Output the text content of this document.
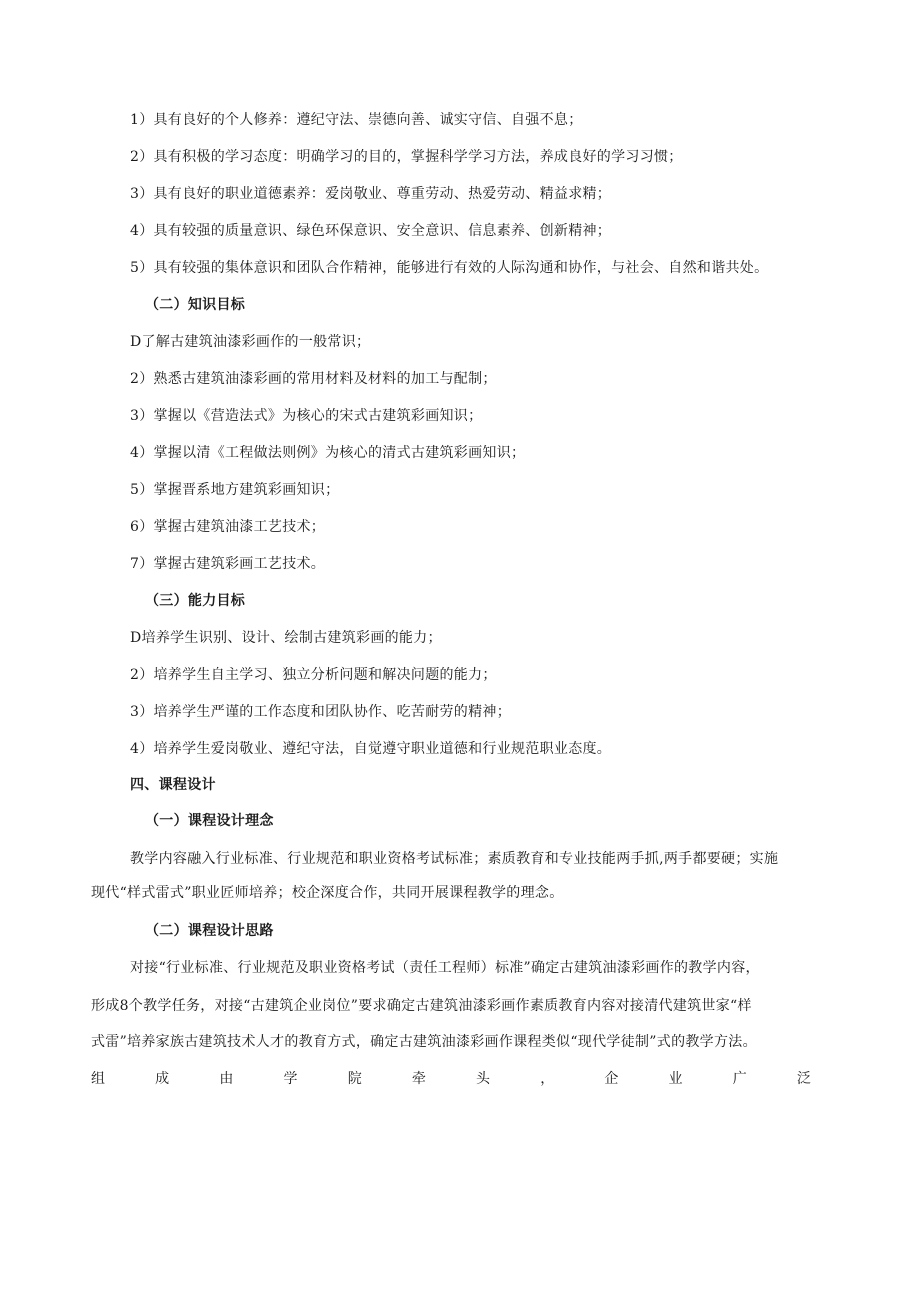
1）具有良好的个人修养：遵纪守法、崇德向善、诚实守信、自强不息；
2）具有积极的学习态度：明确学习的目的，掌握科学学习方法，养成良好的学习习惯；
3）具有良好的职业道德素养：爱岗敬业、尊重劳动、热爱劳动、精益求精；
4）具有较强的质量意识、绿色环保意识、安全意识、信息素养、创新精神；
5）具有较强的集体意识和团队合作精神，能够进行有效的人际沟通和协作，与社会、自然和谐共处。
（二）知识目标
D了解古建筑油漆彩画作的一般常识；
2）熟悉古建筑油漆彩画的常用材料及材料的加工与配制；
3）掌握以《营造法式》为核心的宋式古建筑彩画知识；
4）掌握以清《工程做法则例》为核心的清式古建筑彩画知识；
5）掌握晋系地方建筑彩画知识；
6）掌握古建筑油漆工艺技术；
7）掌握古建筑彩画工艺技术。
（三）能力目标
D培养学生识别、设计、绘制古建筑彩画的能力；
2）培养学生自主学习、独立分析问题和解决问题的能力；
3）培养学生严谨的工作态度和团队协作、吃苦耐劳的精神；
4）培养学生爱岗敬业、遵纪守法，自觉遵守职业道德和行业规范职业态度。
四、课程设计
（一）课程设计理念
教学内容融入行业标准、行业规范和职业资格考试标准；素质教育和专业技能两手抓,两手都要硬；实施
现代“样式雷式”职业匠师培养；校企深度合作，共同开展课程教学的理念。
（二）课程设计思路
对接“行业标准、行业规范及职业资格考试（责任工程师）标准”确定古建筑油漆彩画作的教学内容，
形成8个教学任务，对接“古建筑企业岗位”要求确定古建筑油漆彩画作素质教育内容对接清代建筑世家“样
式雷”培养家族古建筑技术人才的教育方式，确定古建筑油漆彩画作课程类似“现代学徒制”式的教学方法。
组	成	由	学	院	牵	头	，	企	业	广	泛
